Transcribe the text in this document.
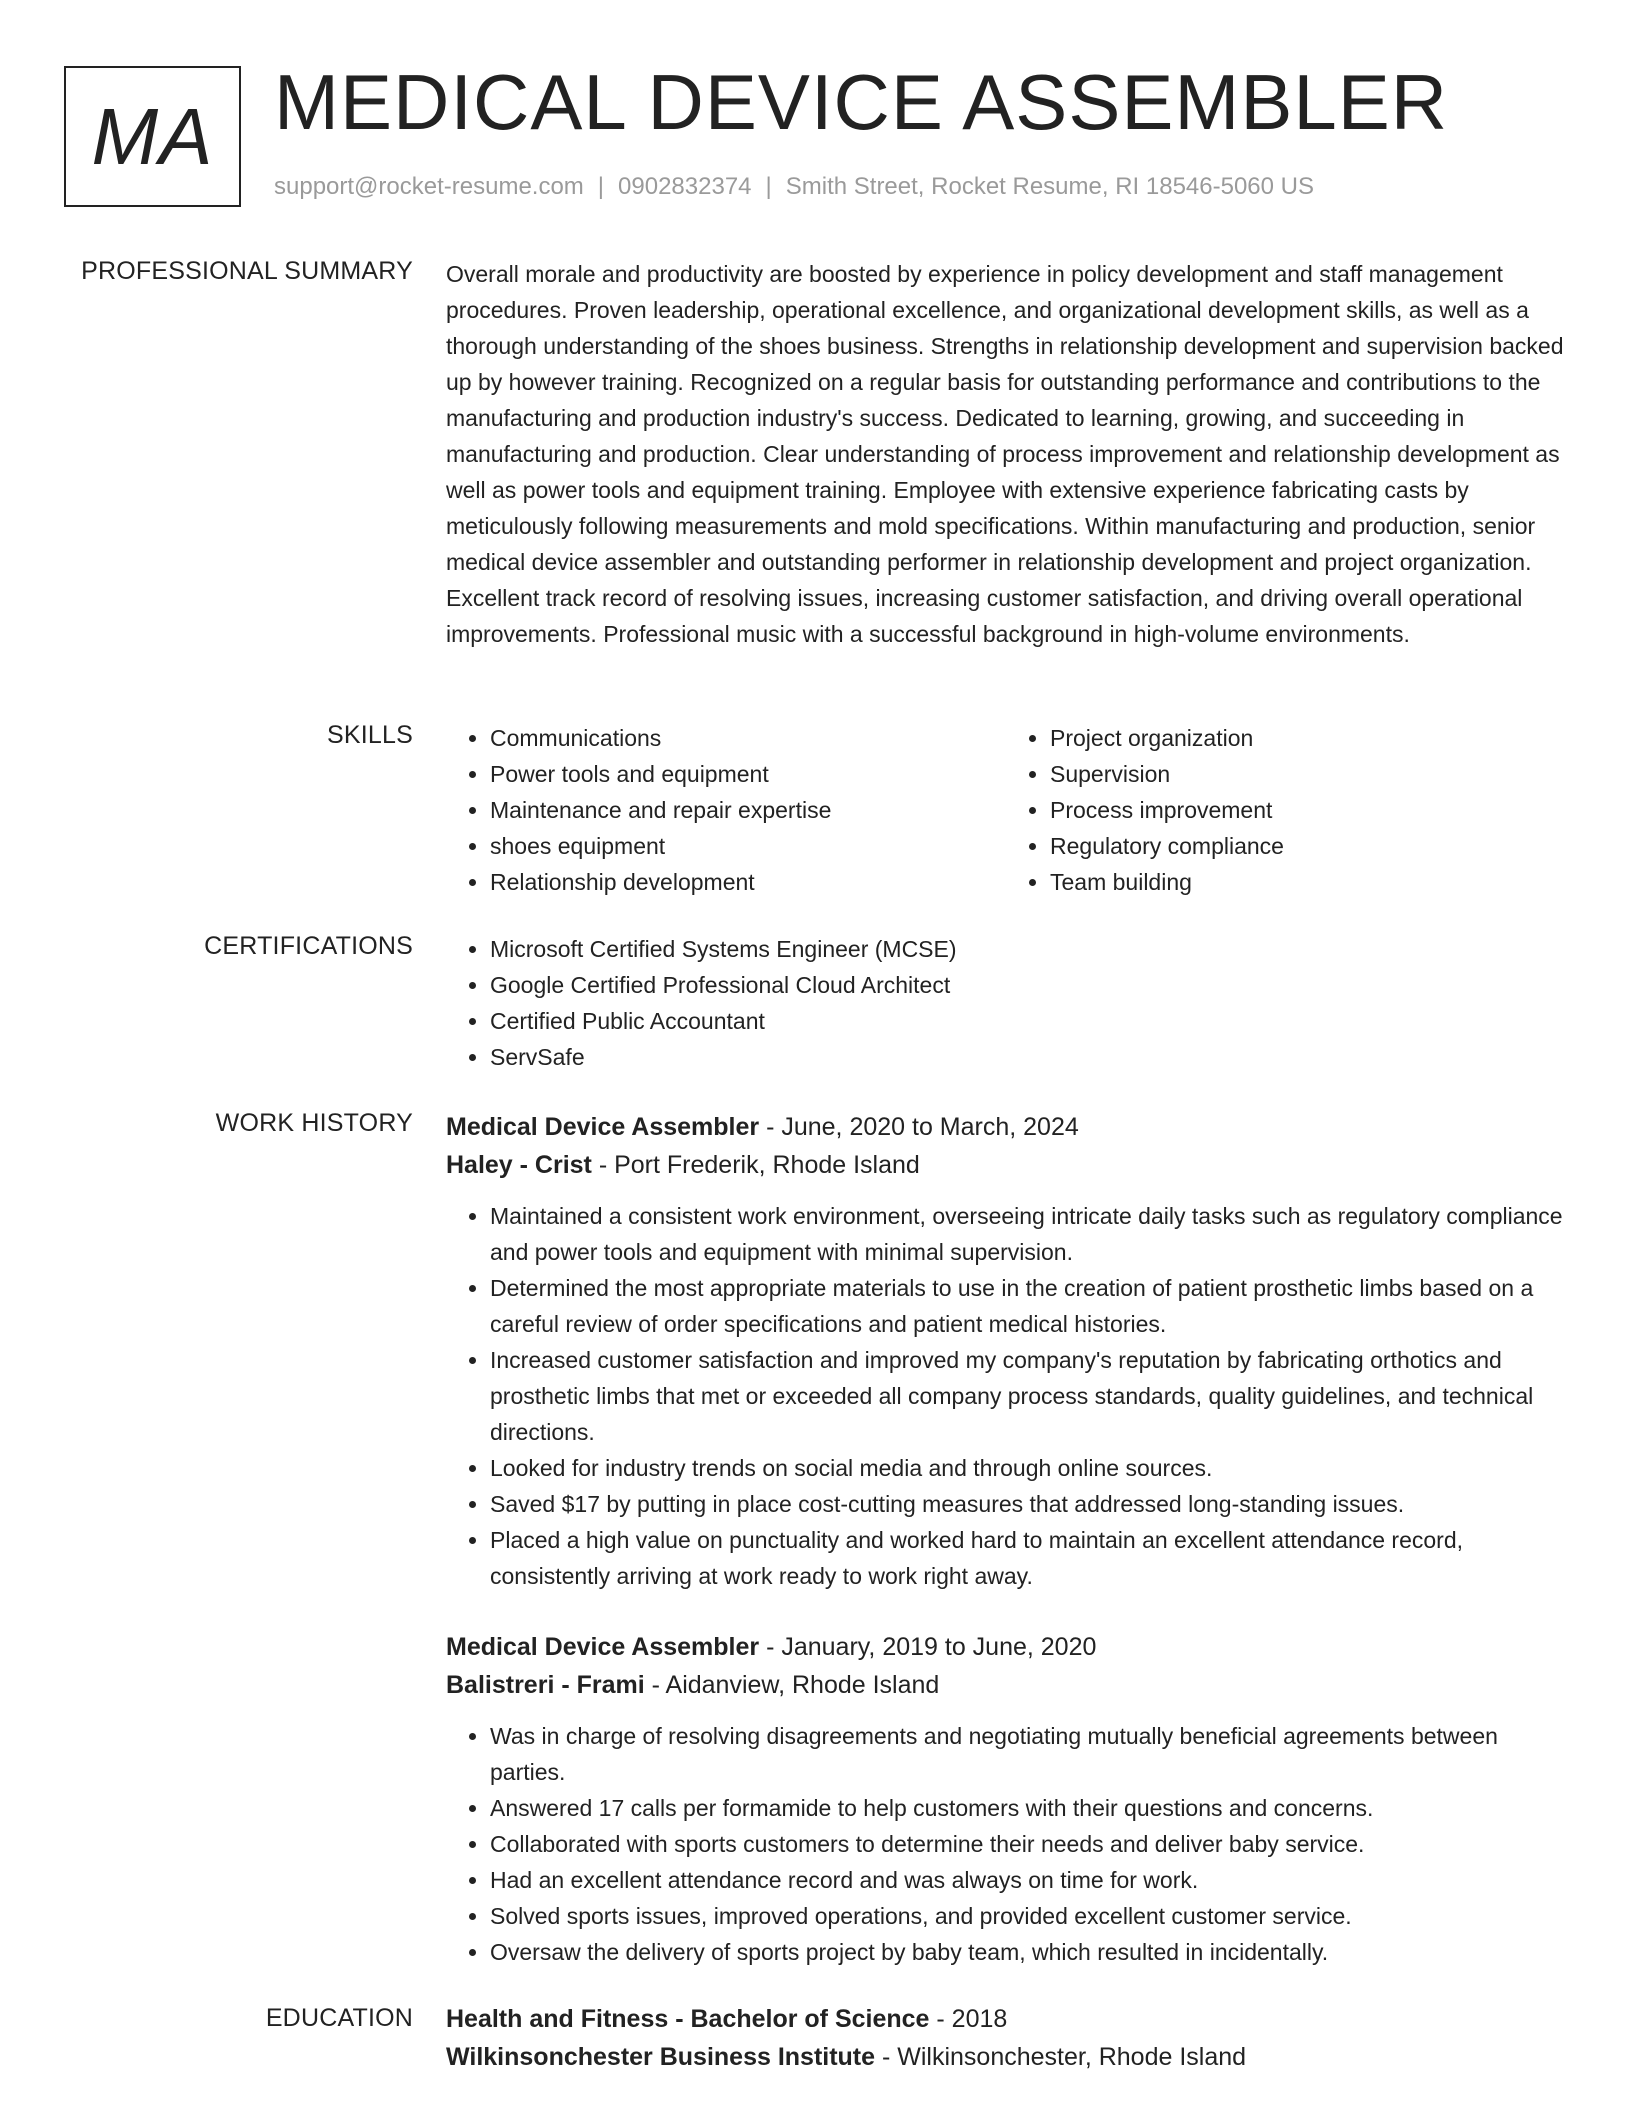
MA MEDICAL DEVICE ASSEMBLER
support@rocket-resume.com | 0902832374 | Smith Street, Rocket Resume, RI 18546-5060 US
PROFESSIONAL SUMMARY Overall morale and productivity are boosted by experience in policy development and staff management procedures. Proven leadership, operational excellence, and organizational development skills, as well as a thorough understanding of the shoes business. Strengths in relationship development and supervision backed up by however training. Recognized on a regular basis for outstanding performance and contributions to the manufacturing and production industry's success. Dedicated to learning, growing, and succeeding in manufacturing and production. Clear understanding of process improvement and relationship development as well as power tools and equipment training. Employee with extensive experience fabricating casts by meticulously following measurements and mold specifications. Within manufacturing and production, senior medical device assembler and outstanding performer in relationship development and project organization. Excellent track record of resolving issues, increasing customer satisfaction, and driving overall operational improvements. Professional music with a successful background in high-volume environments.

SKILLS	• Communications
• Power tools and equipment
• Maintenance and repair expertise
• shoes equipment
• Relationship development
• Project organization
• Supervision
• Process improvement
• Regulatory compliance
• Team building
CERTIFICATIONS	• Microsoft Certified Systems Engineer (MCSE)
• Google Certified Professional Cloud Architect
• Certified Public Accountant
• ServSafe
WORK HISTORY Medical Device Assembler - June, 2020 to March, 2024
Haley - Crist - Port Frederik, Rhode Island
• Maintained a consistent work environment, overseeing intricate daily tasks such as regulatory compliance and power tools and equipment with minimal supervision.
• Determined the most appropriate materials to use in the creation of patient prosthetic limbs based on a careful review of order specifications and patient medical histories.
• Increased customer satisfaction and improved my company's reputation by fabricating orthotics and prosthetic limbs that met or exceeded all company process standards, quality guidelines, and technical directions.
• Looked for industry trends on social media and through online sources.
• Saved $17 by putting in place cost-cutting measures that addressed long-standing issues.
• Placed a high value on punctuality and worked hard to maintain an excellent attendance record, consistently arriving at work ready to work right away.
Medical Device Assembler - January, 2019 to June, 2020
Balistreri - Frami - Aidanview, Rhode Island
• Was in charge of resolving disagreements and negotiating mutually beneficial agreements between parties.
• Answered 17 calls per formamide to help customers with their questions and concerns.
• Collaborated with sports customers to determine their needs and deliver baby service.
• Had an excellent attendance record and was always on time for work.
• Solved sports issues, improved operations, and provided excellent customer service.
• Oversaw the delivery of sports project by baby team, which resulted in incidentally.
EDUCATION Health and Fitness - Bachelor of Science - 2018
Wilkinsonchester Business Institute - Wilkinsonchester, Rhode Island
